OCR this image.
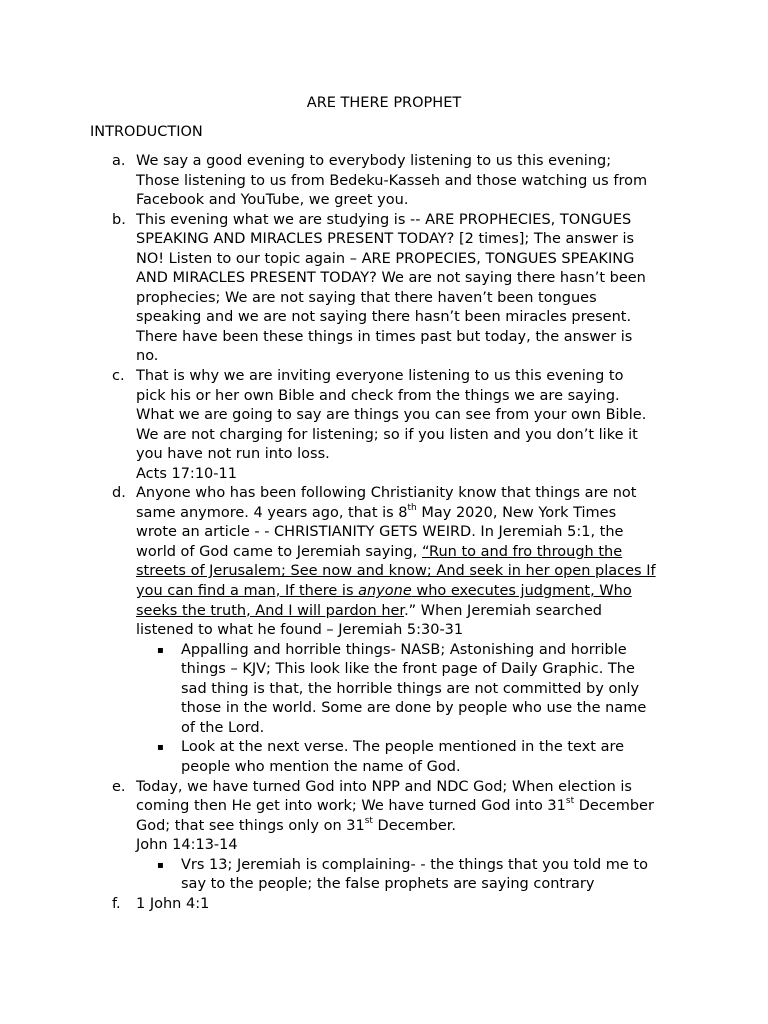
ARE THERE PROPHET
INTRODUCTION
a. We say a good evening to everybody listening to us this evening;
Those listening to us from Bedeku-Kasseh and those watching us from
Facebook and YouTube, we greet you.
b. This evening what we are studying is -- ARE PROPHECIES, TONGUES
SPEAKING AND MIRACLES PRESENT TODAY? [2 times]; The answer is
NO! Listen to our topic again – ARE PROPECIES, TONGUES SPEAKING
AND MIRACLES PRESENT TODAY? We are not saying there hasn’t been
prophecies; We are not saying that there haven’t been tongues
speaking and we are not saying there hasn’t been miracles present.
There have been these things in times past but today, the answer is
no.
c. That is why we are inviting everyone listening to us this evening to
pick his or her own Bible and check from the things we are saying.
What we are going to say are things you can see from your own Bible.
We are not charging for listening; so if you listen and you don’t like it
you have not run into loss.
Acts 17:10-11
d. Anyone who has been following Christianity know that things are not
same anymore. 4 years ago, that is 8th May 2020, New York Times
wrote an article - - CHRISTIANITY GETS WEIRD. In Jeremiah 5:1, the
world of God came to Jeremiah saying, “Run to and fro through the
streets of Jerusalem; See now and know; And seek in her open places If
you can find a man, If there is anyone who executes judgment, Who
seeks the truth, And I will pardon her.” When Jeremiah searched
listened to what he found – Jeremiah 5:30-31
▪ Appalling and horrible things- NASB; Astonishing and horrible
things – KJV; This look like the front page of Daily Graphic. The
sad thing is that, the horrible things are not committed by only
those in the world. Some are done by people who use the name
of the Lord.
▪ Look at the next verse. The people mentioned in the text are
people who mention the name of God.
e. Today, we have turned God into NPP and NDC God; When election is
coming then He get into work; We have turned God into 31st December
God; that see things only on 31st December.
John 14:13-14
▪ Vrs 13; Jeremiah is complaining- - the things that you told me to
say to the people; the false prophets are saying contrary
f.	1 John 4:1
